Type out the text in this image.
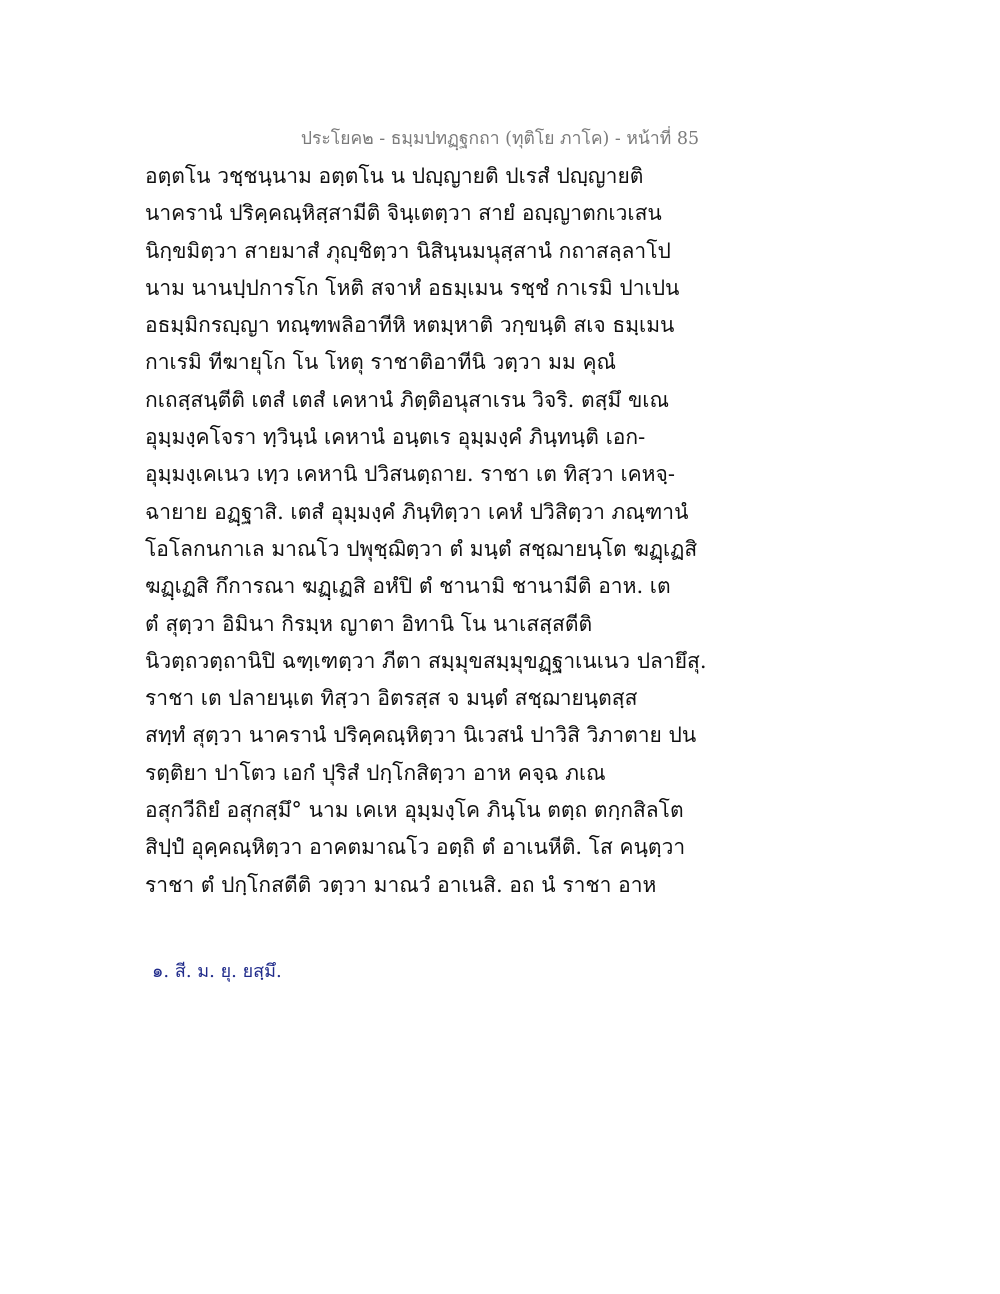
ประโยค๒ - ธมฺมปทฏฺฐกถา (ทุติโย ภาโค) - หน้าที่ 85
อตฺตโน วชฺชนฺนาม อตฺตโน น ปญฺญายติ ปเรสํ ปญฺญายติ
นาครานํ ปริคฺคณฺหิสฺสามีติ จินฺเตตฺวา สายํ อญฺญาตกเวเสน
นิกฺขมิตฺวา สายมาสํ ภุญฺชิตฺวา นิสินฺนมนุสฺสานํ กถาสลฺลาโป
นาม นานปฺปการโก โหติ สจาหํ อธมฺเมน รชฺชํ กาเรมิ ปาเปน
อธมฺมิกรญฺญา ทณฺฑพลิอาทีหิ หตมฺหาติ วกฺขนฺติ สเจ ธมฺเมน
กาเรมิ ทีฆายุโก โน โหตุ ราชาติอาทีนิ วตฺวา มม คุณํ
กเถสฺสนฺตีติ เตสํ เตสํ เคหานํ ภิตฺติอนุสาเรน วิจริ. ตสฺมึ ขเณ
อุมฺมงฺคโจรา ทฺวินฺนํ เคหานํ อนฺตเร อุมฺมงฺคํ ภินฺทนฺติ เอก-
อุมฺมงฺเคเนว เทฺว เคหานิ ปวิสนตฺถาย. ราชา เต ทิสฺวา เคหจฺ-
ฉายาย อฏฺฐาสิ. เตสํ อุมฺมงฺคํ ภินฺทิตฺวา เคหํ ปวิสิตฺวา ภณฺฑานํ
โอโลกนกาเล มาณโว ปพุชฺฌิตฺวา ตํ มนฺตํ สชฺฌายนฺโต ฆฏฺเฏสิ
ฆฏฺเฏสิ กึการณา ฆฏฺเฏสิ อหํปิ ตํ ชานามิ ชานามีติ อาห. เต
ตํ สุตฺวา อิมินา กิรมฺห ญาตา อิทานิ โน นาเสสฺสตีติ
นิวตฺถวตฺถานิปิ ฉฑฺเฑตฺวา ภีตา สมฺมุขสมฺมุขฏฺฐาเนเนว ปลายึสุ.
ราชา เต ปลายนฺเต ทิสฺวา อิตรสฺส จ มนฺตํ สชฺฌายนฺตสฺส
สทฺทํ สุตฺวา นาครานํ ปริคฺคณฺหิตฺวา นิเวสนํ ปาวิสิ วิภาตาย ปน
รตฺติยา ปาโตว เอกํ ปุริสํ ปกฺโกสิตฺวา อาห คจฺฉ ภเณ
อสุกวีถิยํ อสุกสฺมึ° นาม เคเห อุมฺมงฺโค ภินฺโน ตตฺถ ตกฺกสิลโต
สิปฺปํ อุคฺคณฺหิตฺวา อาคตมาณโว อตฺถิ ตํ อาเนหีติ. โส คนฺตฺวา
ราชา ตํ ปกฺโกสตีติ วตฺวา มาณวํ อาเนสิ. อถ นํ ราชา อาห
๑. สี. ม. ยุ. ยสฺมึ.
